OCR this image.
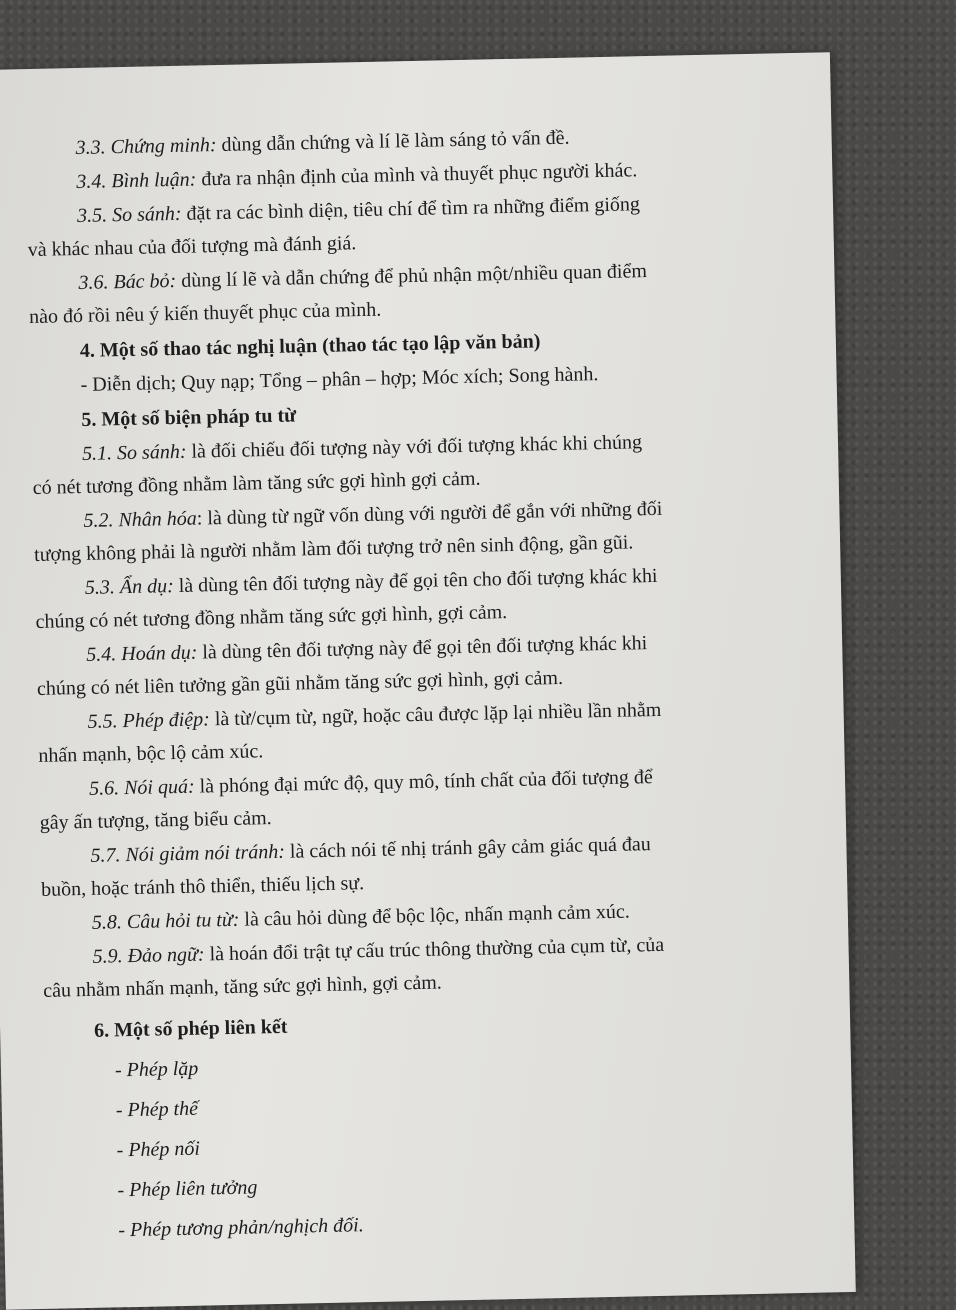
3.3. Chứng minh: dùng dẫn chứng và lí lẽ làm sáng tỏ vấn đề.

3.4. Bình luận: đưa ra nhận định của mình và thuyết phục người khác.

3.5. So sánh: đặt ra các bình diện, tiêu chí để tìm ra những điểm giống
và khác nhau của đối tượng mà đánh giá.

3.6. Bác bỏ: dùng lí lẽ và dẫn chứng để phủ nhận một/nhiều quan điểm
nào đó rồi nêu ý kiến thuyết phục của mình.

4. Một số thao tác nghị luận (thao tác tạo lập văn bản)

- Diễn dịch; Quy nạp; Tổng – phân – hợp; Móc xích; Song hành.

5. Một số biện pháp tu từ

5.1. So sánh: là đối chiếu đối tượng này với đối tượng khác khi chúng
có nét tương đồng nhằm làm tăng sức gợi hình gợi cảm.

5.2. Nhân hóa: là dùng từ ngữ vốn dùng với người để gắn với những đối
tượng không phải là người nhằm làm đối tượng trở nên sinh động, gần gũi.

5.3. Ẩn dụ: là dùng tên đối tượng này để gọi tên cho đối tượng khác khi
chúng có nét tương đồng nhằm tăng sức gợi hình, gợi cảm.

5.4. Hoán dụ: là dùng tên đối tượng này để gọi tên đối tượng khác khi
chúng có nét liên tưởng gần gũi nhằm tăng sức gợi hình, gợi cảm.

5.5. Phép điệp: là từ/cụm từ, ngữ, hoặc câu được lặp lại nhiều lần nhằm
nhấn mạnh, bộc lộ cảm xúc.

5.6. Nói quá: là phóng đại mức độ, quy mô, tính chất của đối tượng để
gây ấn tượng, tăng biểu cảm.

5.7. Nói giảm nói tránh: là cách nói tế nhị tránh gây cảm giác quá đau
buồn, hoặc tránh thô thiển, thiếu lịch sự.

5.8. Câu hỏi tu từ: là câu hỏi dùng để bộc lộc, nhấn mạnh cảm xúc.

5.9. Đảo ngữ: là hoán đổi trật tự cấu trúc thông thường của cụm từ, của
câu nhằm nhấn mạnh, tăng sức gợi hình, gợi cảm.

6. Một số phép liên kết

- Phép lặp

- Phép thế

- Phép nối

- Phép liên tưởng

- Phép tương phản/nghịch đối.
